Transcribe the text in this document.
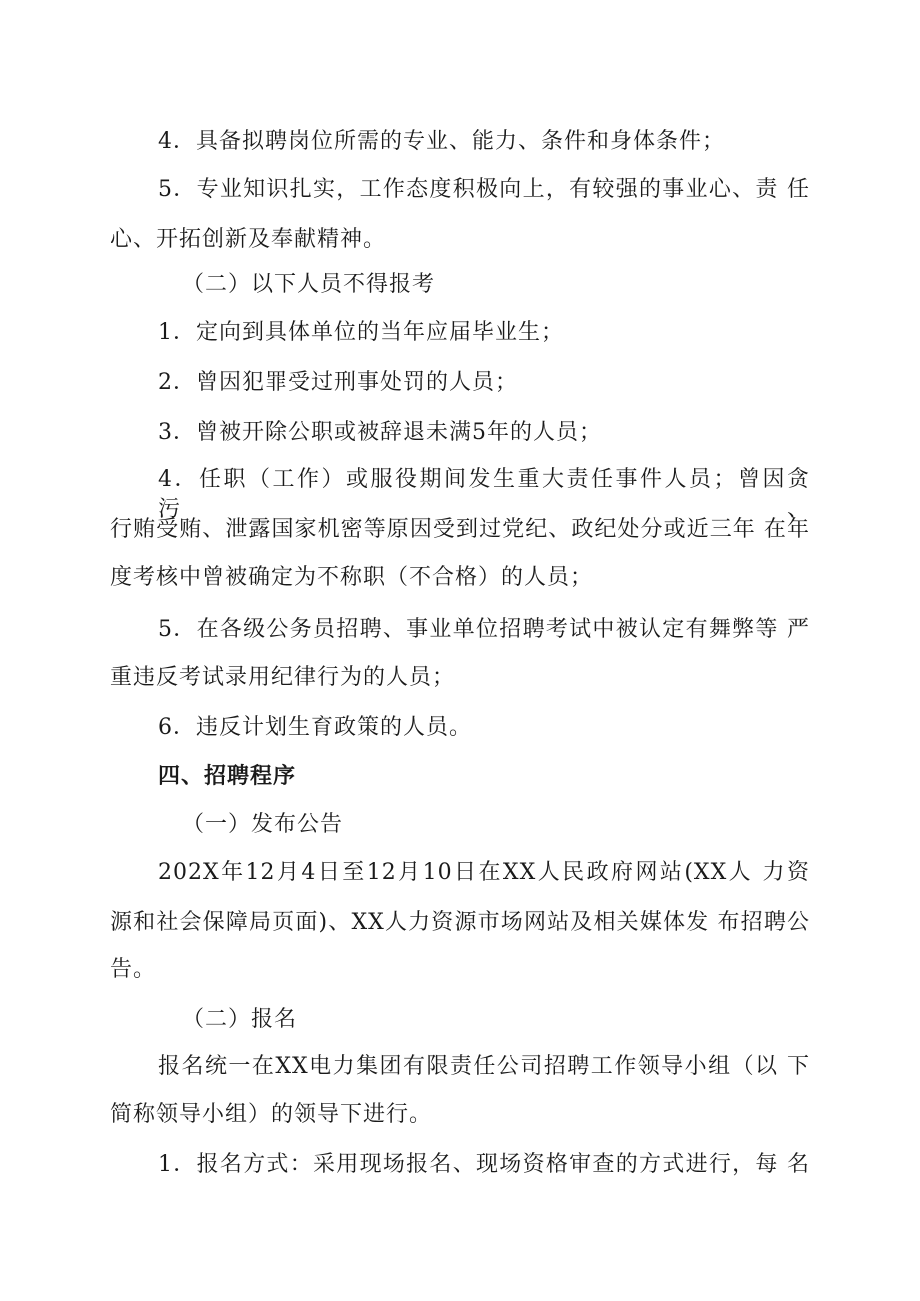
4．具备拟聘岗位所需的专业、能力、条件和身体条件；
5．专业知识扎实，工作态度积极向上，有较强的事业心、责 任
心、开拓创新及奉献精神。
（二）以下人员不得报考
1．定向到具体单位的当年应届毕业生；
2．曾因犯罪受过刑事处罚的人员；
3．曾被开除公职或被辞退未满5年的人员；
4．任职（工作）或服役期间发生重大责任事件人员；曾因贪污、
行贿受贿、泄露国家机密等原因受到过党纪、政纪处分或近三年 在年
度考核中曾被确定为不称职（不合格）的人员；
5．在各级公务员招聘、事业单位招聘考试中被认定有舞弊等 严
重违反考试录用纪律行为的人员；
6．违反计划生育政策的人员。
四、招聘程序
（一）发布公告
202X年12月4日至12月10日在XX人民政府网站(XX人 力资
源和社会保障局页面)、XX人力资源市场网站及相关媒体发 布招聘公
告。
（二）报名
报名统一在XX电力集团有限责任公司招聘工作领导小组（以 下
简称领导小组）的领导下进行。
1．报名方式：采用现场报名、现场资格审查的方式进行，每 名
